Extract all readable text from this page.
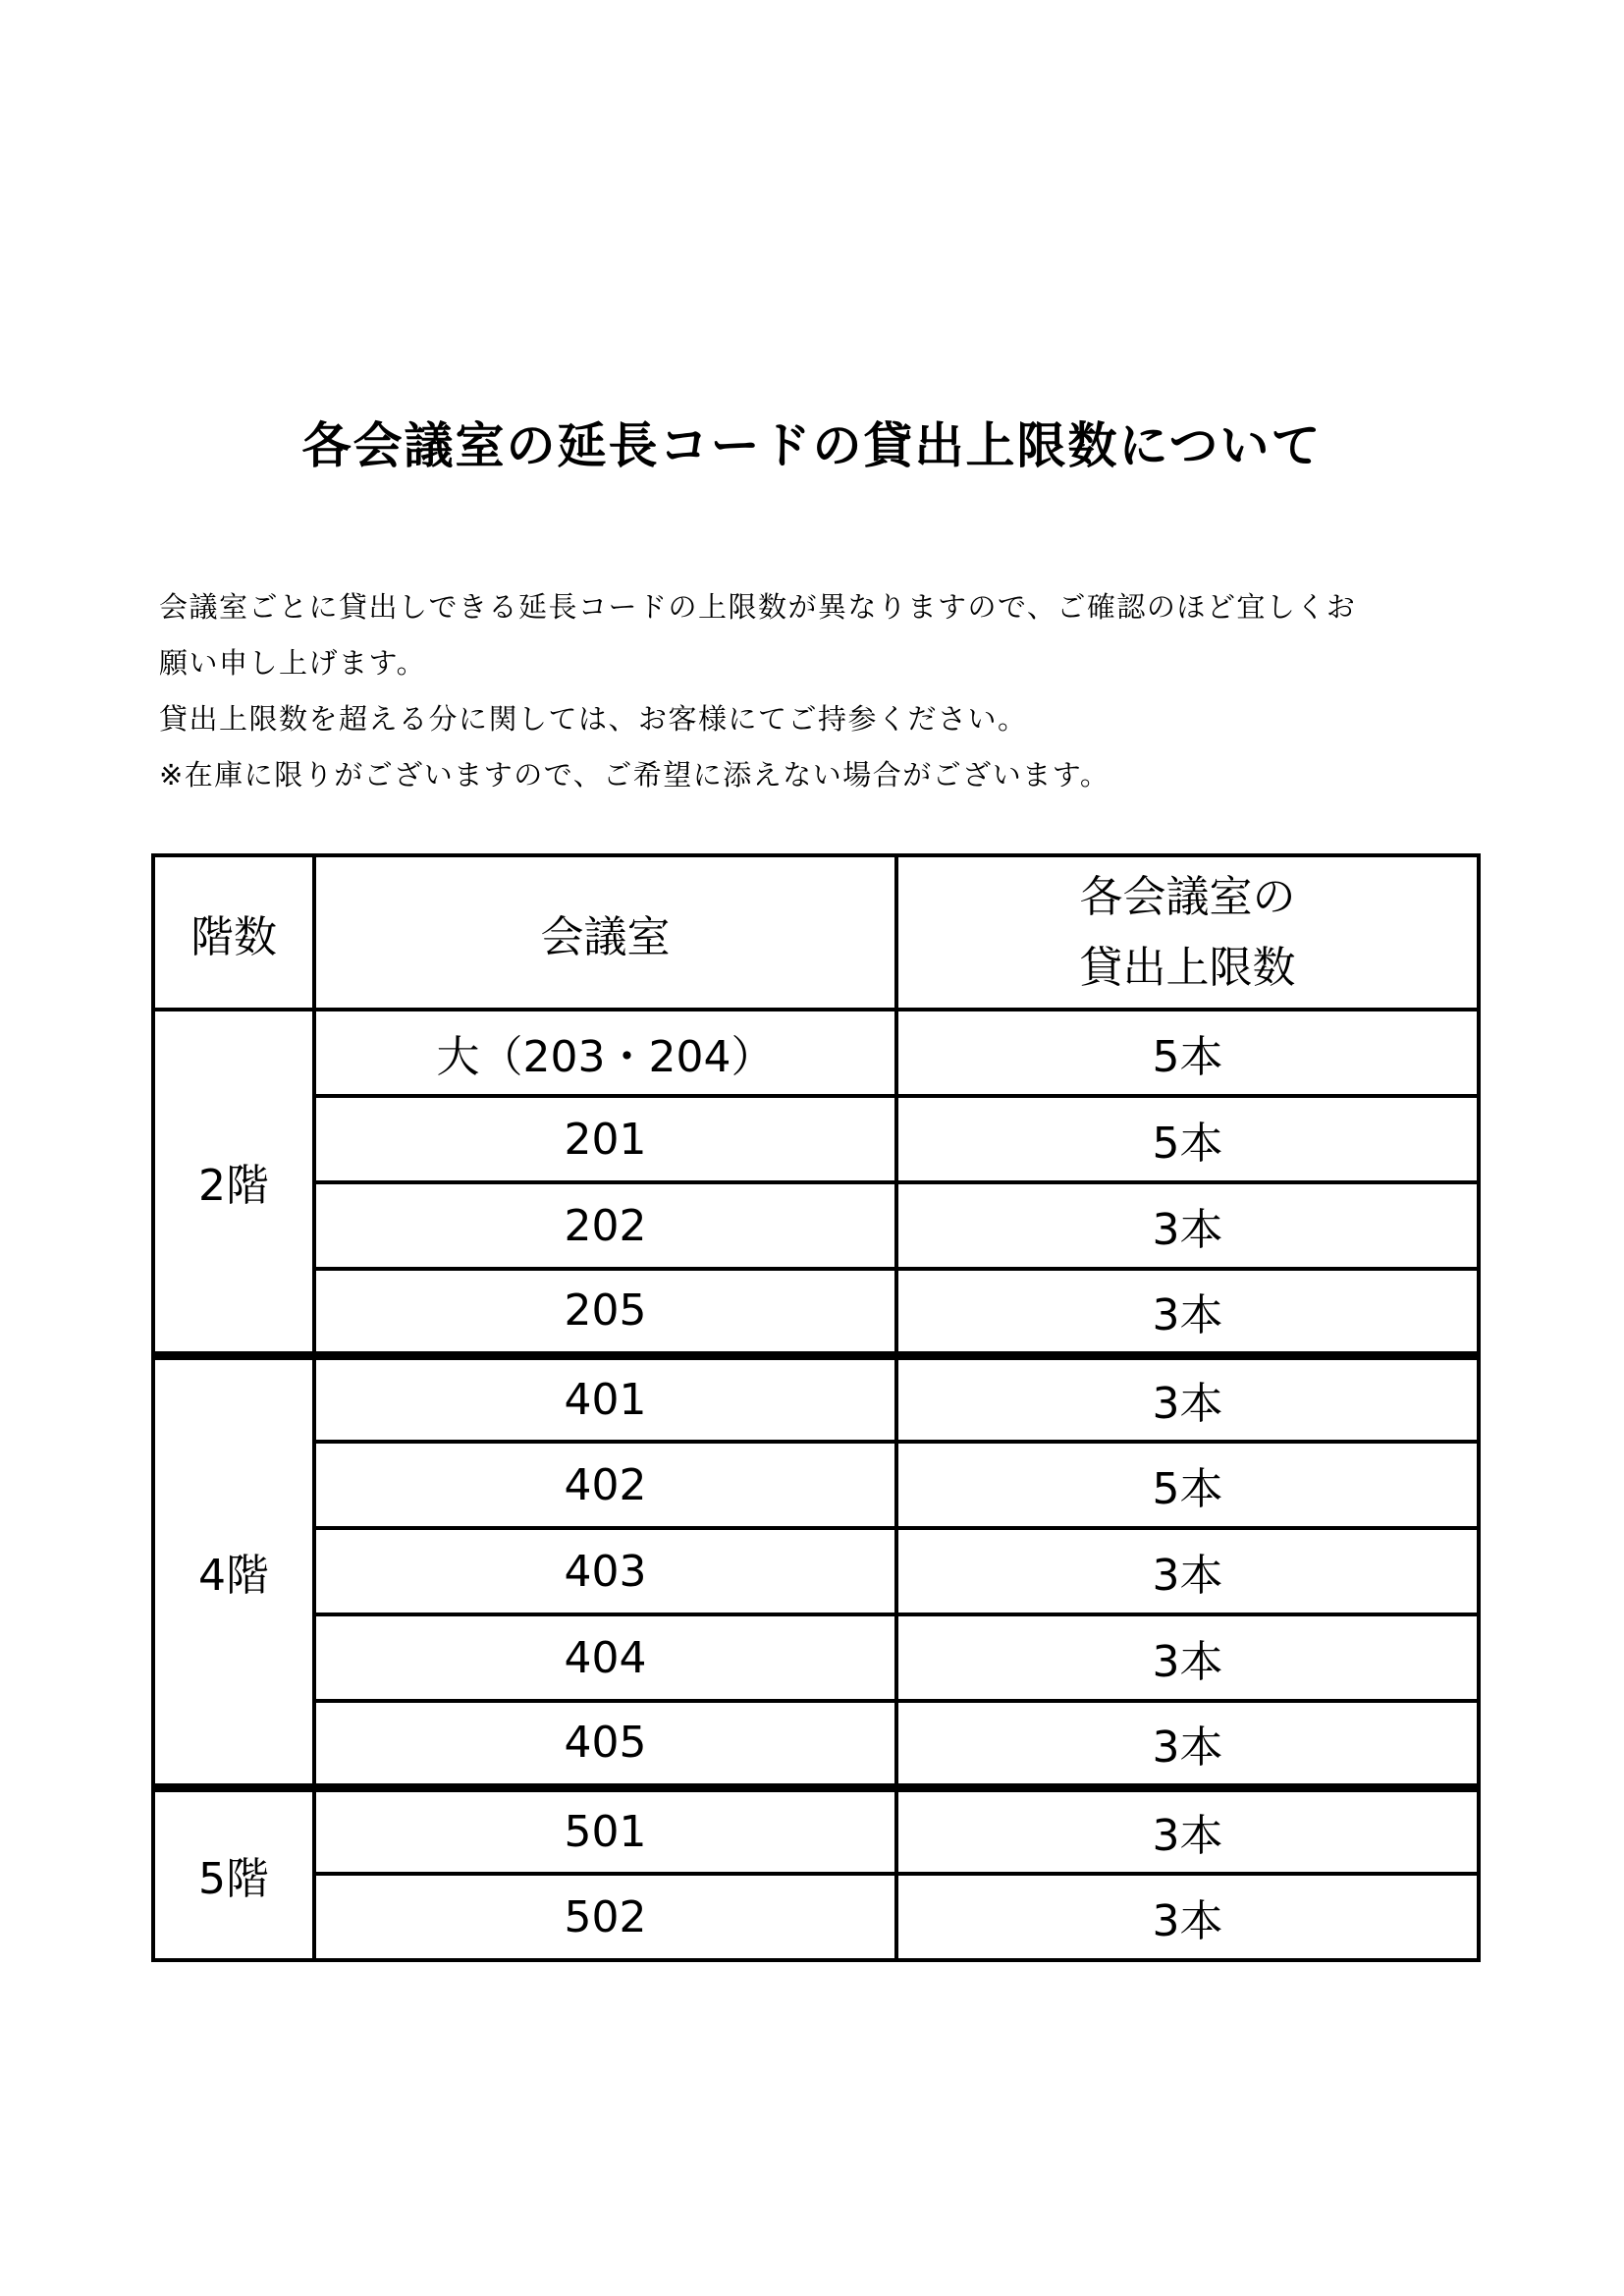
各会議室の延長コードの貸出上限数について

会議室ごとに貸出しできる延長コードの上限数が異なりますので、ご確認のほど宜しくお

願い申し上げます。

貸出上限数を超える分に関しては、お客様にてご持参ください。

※在庫に限りがございますので、ご希望に添えない場合がございます。

階数	会議室	各会議室の
貸出上限数

2階	大（203・204）	5本
	201	5本
	202	3本
	205	3本
4階	401	3本
	402	5本
	403	3本
	404	3本
	405	3本
5階	501	3本
	502	3本
